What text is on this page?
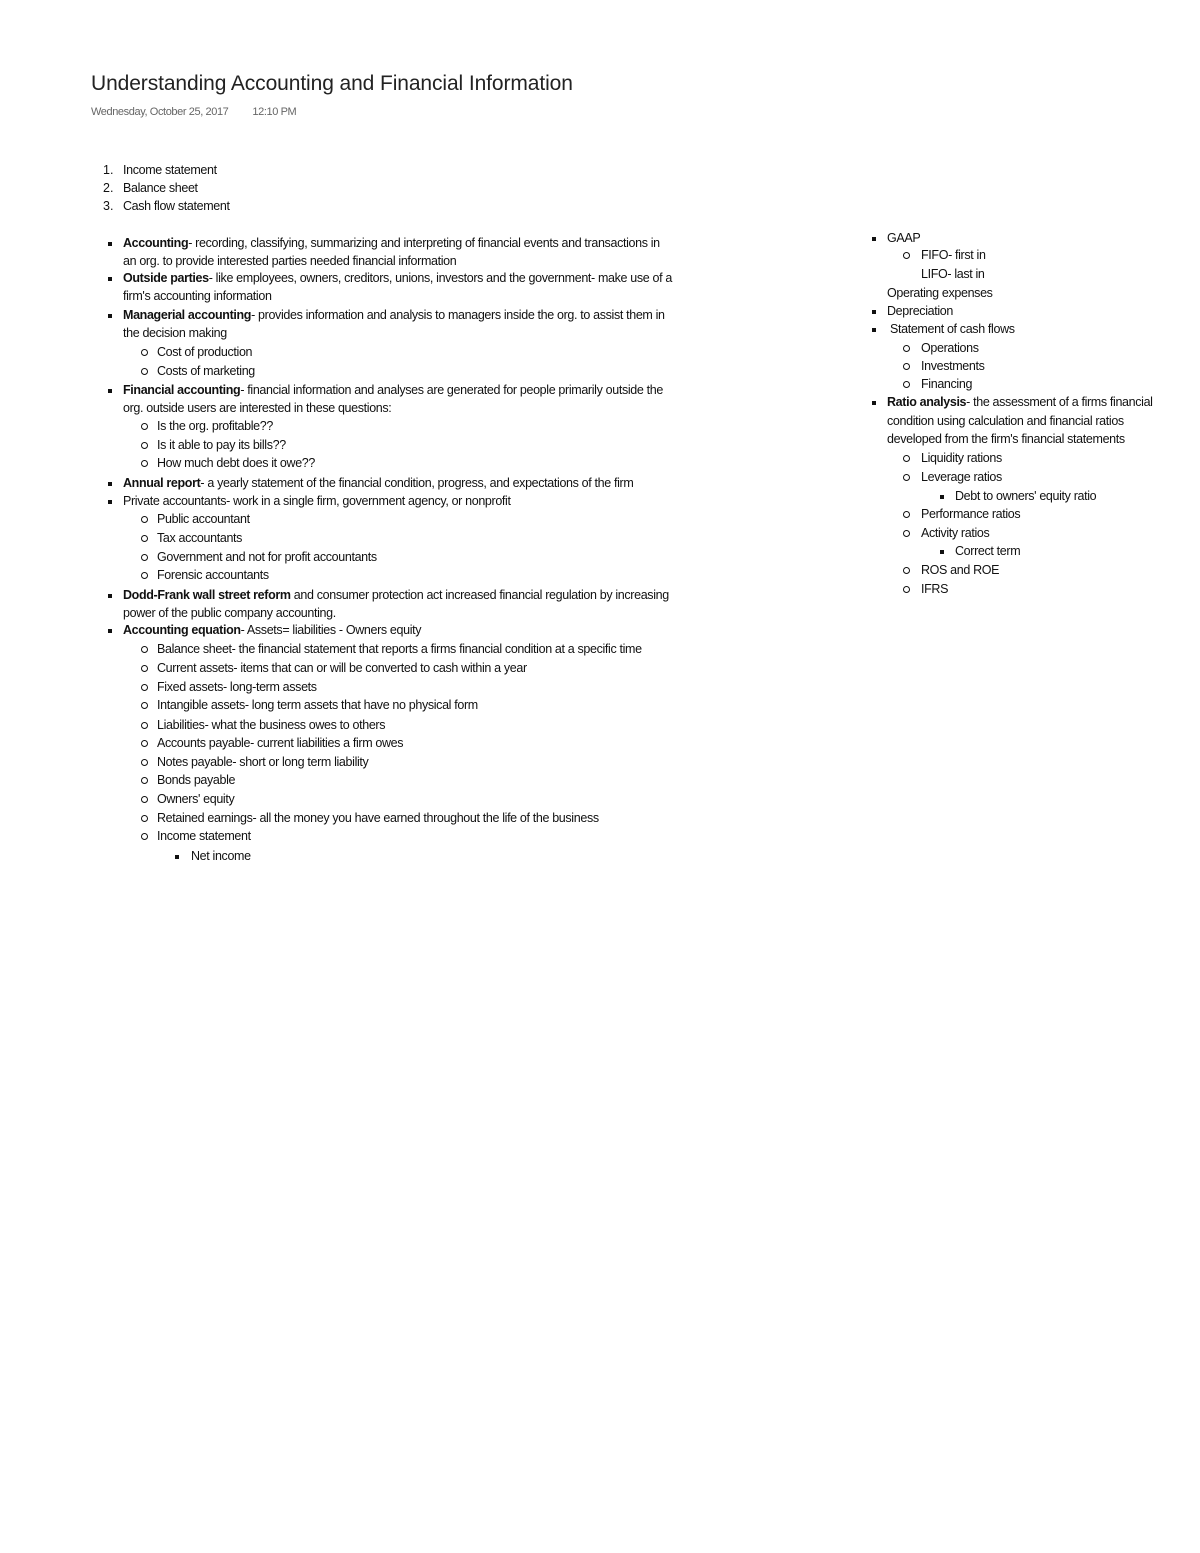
Understanding Accounting and Financial Information
Wednesday, October 25, 2017 12:10 PM
1. Income statement
2. Balance sheet
3. Cash flow statement
Accounting- recording, classifying, summarizing and interpreting of financial events and transactions in
an org. to provide interested parties needed financial information
Outside parties- like employees, owners, creditors, unions, investors and the government- make use of a
firm's accounting information
Managerial accounting- provides information and analysis to managers inside the org. to assist them in
the decision making
Cost of production
Costs of marketing
Financial accounting- financial information and analyses are generated for people primarily outside the
org. outside users are interested in these questions:
Is the org. profitable??
Is it able to pay its bills??
How much debt does it owe??
Annual report- a yearly statement of the financial condition, progress, and expectations of the firm
Private accountants- work in a single firm, government agency, or nonprofit
Public accountant
Tax accountants
Government and not for profit accountants
Forensic accountants
Dodd-Frank wall street reform and consumer protection act increased financial regulation by increasing
power of the public company accounting.
Accounting equation- Assets= liabilities - Owners equity
Balance sheet- the financial statement that reports a firms financial condition at a specific time
Current assets- items that can or will be converted to cash within a year
Fixed assets- long-term assets
Intangible assets- long term assets that have no physical form
Liabilities- what the business owes to others
Accounts payable- current liabilities a firm owes
Notes payable- short or long term liability
Bonds payable
Owners' equity
Retained earnings- all the money you have earned throughout the life of the business
Income statement
Net income
GAAP
FIFO- first in
LIFO- last in
Operating expenses
Depreciation
Statement of cash flows
Operations
Investments
Financing
Ratio analysis- the assessment of a firms financial
condition using calculation and financial ratios
developed from the firm's financial statements
Liquidity rations
Leverage ratios
Debt to owners' equity ratio
Performance ratios
Activity ratios
Correct term
ROS and ROE
IFRS
